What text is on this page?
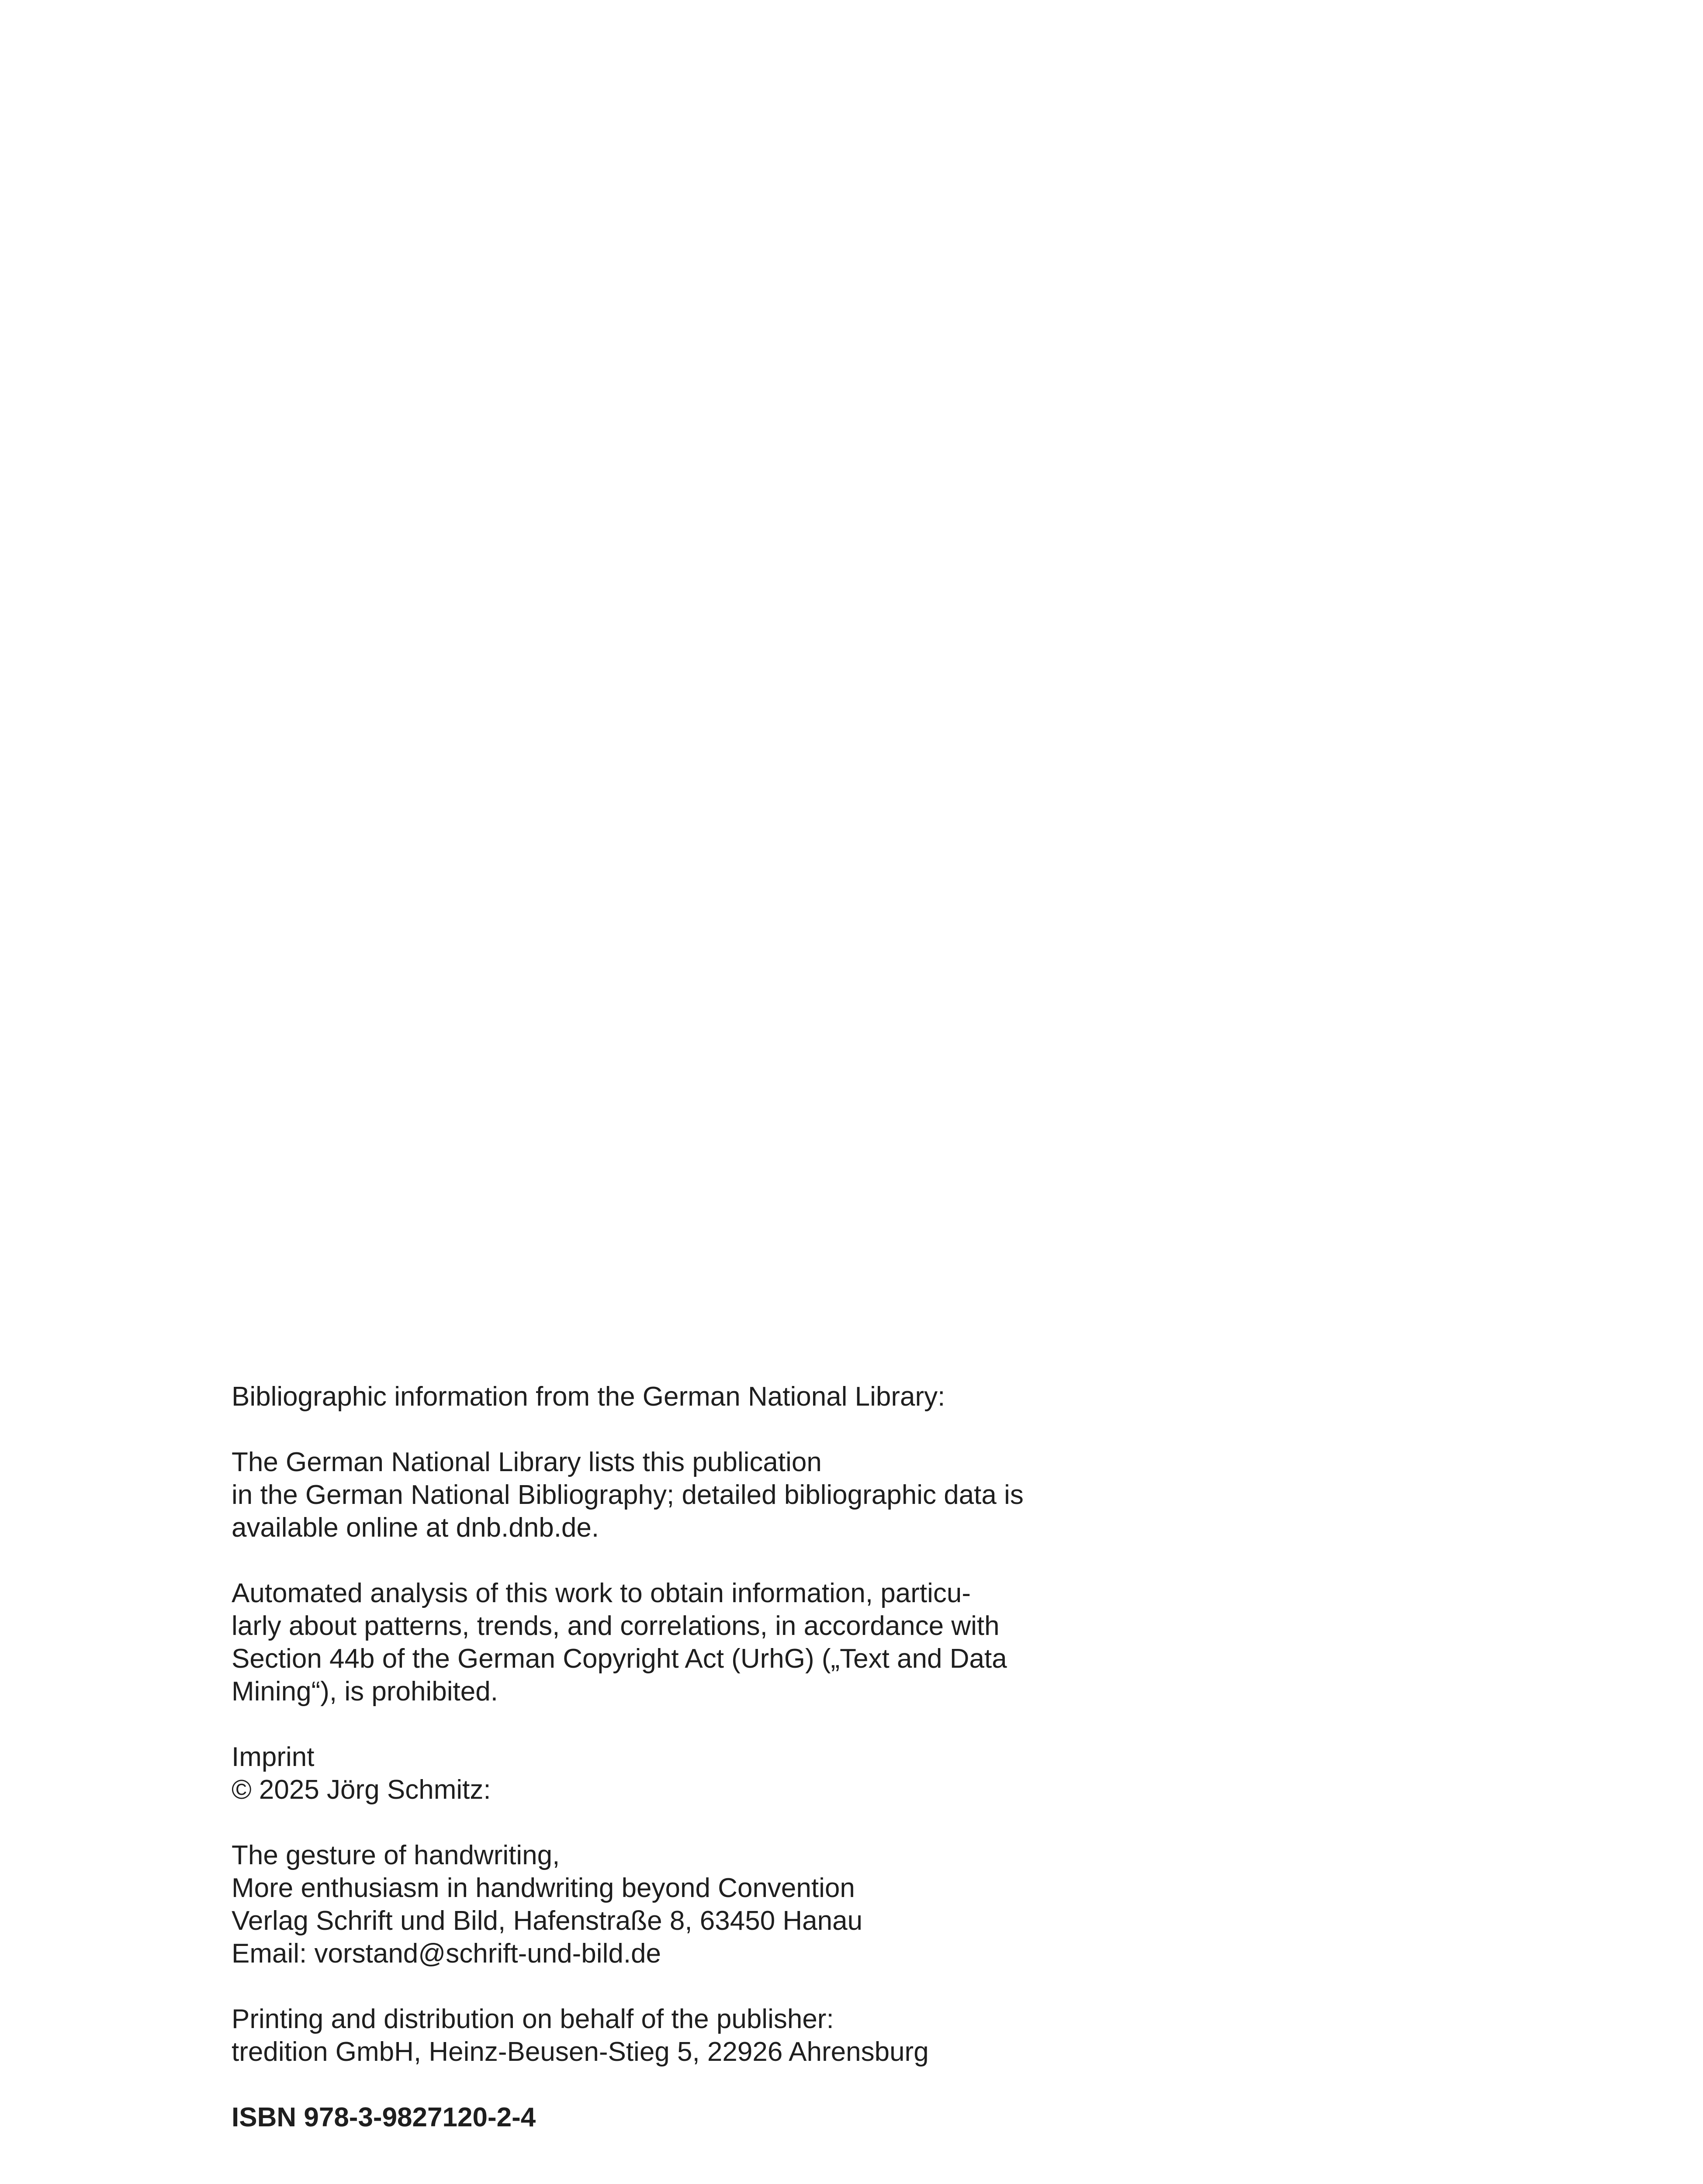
Bibliographic information from the German National Library:

The German National Library lists this publication
in the German National Bibliography; detailed bibliographic data is
available online at dnb.dnb.de.

Automated analysis of this work to obtain information, particu-
larly about patterns, trends, and correlations, in accordance with
Section 44b of the German Copyright Act (UrhG) („Text and Data
Mining“), is prohibited.

Imprint
© 2025 Jörg Schmitz:

The gesture of handwriting,
More enthusiasm in handwriting beyond Convention
Verlag Schrift und Bild, Hafenstraße 8, 63450 Hanau
Email: vorstand@schrift-und-bild.de

Printing and distribution on behalf of the publisher:
tredition GmbH, Heinz-Beusen-Stieg 5, 22926 Ahrensburg

ISBN 978-3-9827120-2-4
